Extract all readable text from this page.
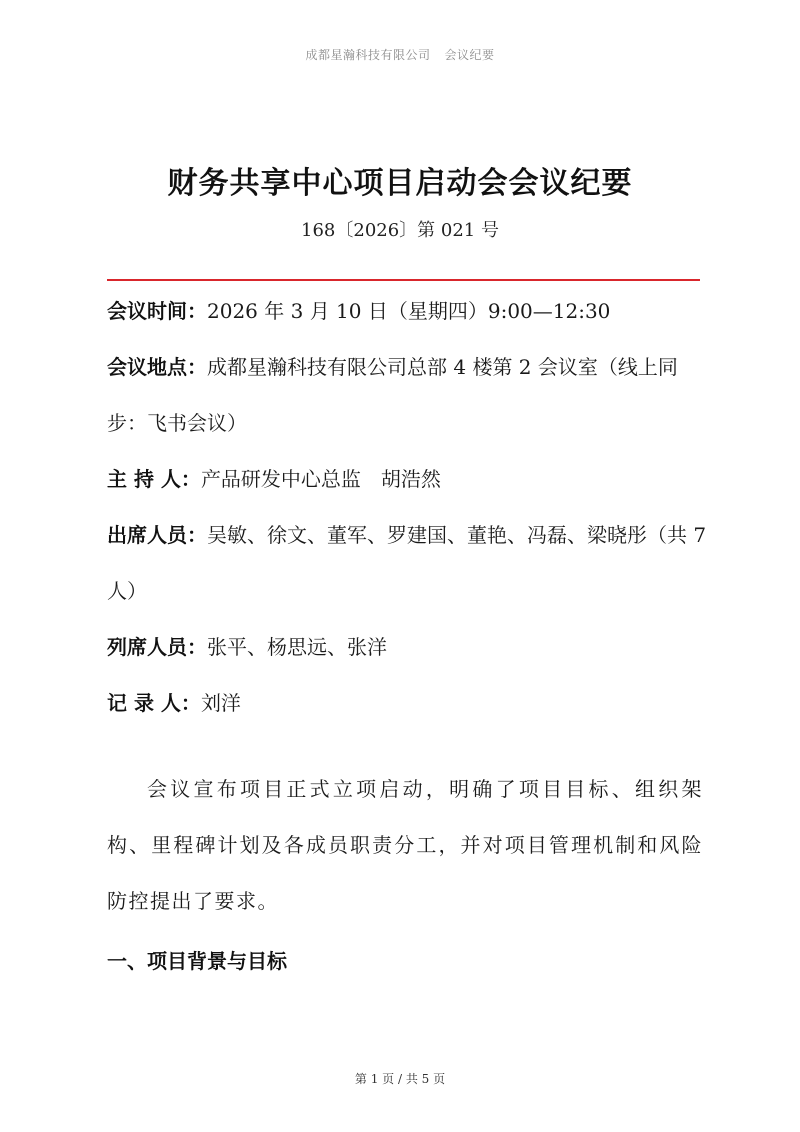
成都星瀚科技有限公司 会议纪要
财务共享中心项目启动会会议纪要
168〔2026〕第 021 号
会议时间：2026 年 3 月 10 日（星期四）9:00—12:30
会议地点：成都星瀚科技有限公司总部 4 楼第 2 会议室（线上同步：飞书会议）
主 持 人：产品研发中心总监　胡浩然
出席人员：吴敏、徐文、董军、罗建国、董艳、冯磊、梁晓彤（共 7 人）
列席人员：张平、杨思远、张洋
记 录 人：刘洋
会议宣布项目正式立项启动，明确了项目目标、组织架构、里程碑计划及各成员职责分工，并对项目管理机制和风险防控提出了要求。
一、项目背景与目标
第 1 页 / 共 5 页
